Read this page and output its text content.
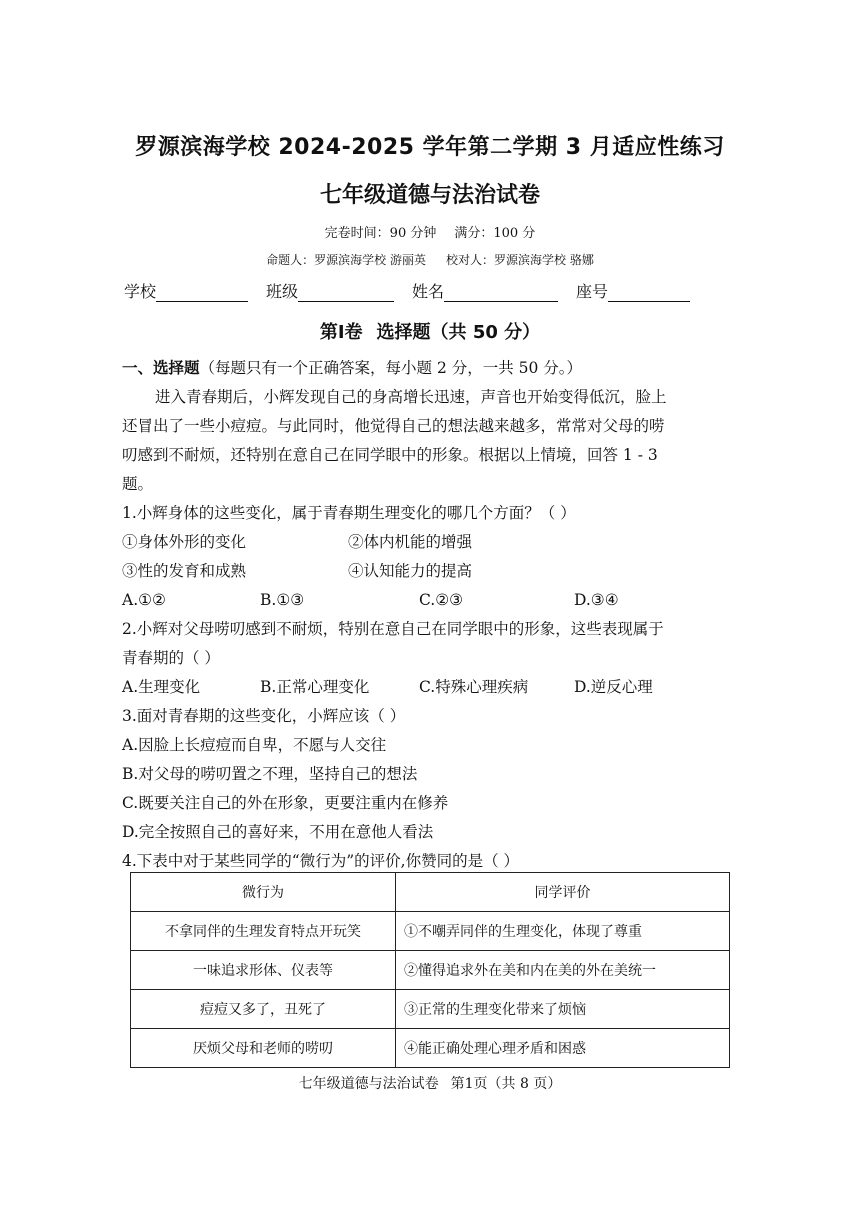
罗源滨海学校 2024-2025 学年第二学期 3 月适应性练习
七年级道德与法治试卷
完卷时间：90 分钟 满分：100 分
命题人：罗源滨海学校 游丽英 校对人：罗源滨海学校 骆娜
学校	班级	姓名	座号
第Ⅰ卷 选择题（共 50 分）
一、选择题（每题只有一个正确答案，每小题 2 分，一共 50 分。）
进入青春期后，小辉发现自己的身高增长迅速，声音也开始变得低沉，脸上
还冒出了一些小痘痘。与此同时，他觉得自己的想法越来越多，常常对父母的唠
叨感到不耐烦，还特别在意自己在同学眼中的形象。根据以上情境，回答 1 - 3
题。
1.小辉身体的这些变化，属于青春期生理变化的哪几个方面？（ ）
①身体外形的变化	②体内机能的增强
③性的发育和成熟	④认知能力的提高
A.①②	B.①③	C.②③	D.③④
2.小辉对父母唠叨感到不耐烦，特别在意自己在同学眼中的形象，这些表现属于
青春期的（ ）
A.生理变化	B.正常心理变化	C.特殊心理疾病	D.逆反心理
3.面对青春期的这些变化，小辉应该（ ）
A.因脸上长痘痘而自卑，不愿与人交往
B.对父母的唠叨置之不理，坚持自己的想法
C.既要关注自己的外在形象，更要注重内在修养
D.完全按照自己的喜好来，不用在意他人看法
4.下表中对于某些同学的“微行为”的评价,你赞同的是（ ）
微行为	同学评价
不拿同伴的生理发育特点开玩笑	①不嘲弄同伴的生理变化，体现了尊重
一味追求形体、仪表等	②懂得追求外在美和内在美的外在美统一
痘痘又多了，丑死了	③正常的生理变化带来了烦恼
厌烦父母和老师的唠叨	④能正确处理心理矛盾和困惑
七年级道德与法治试卷 第1页（共 8 页）
